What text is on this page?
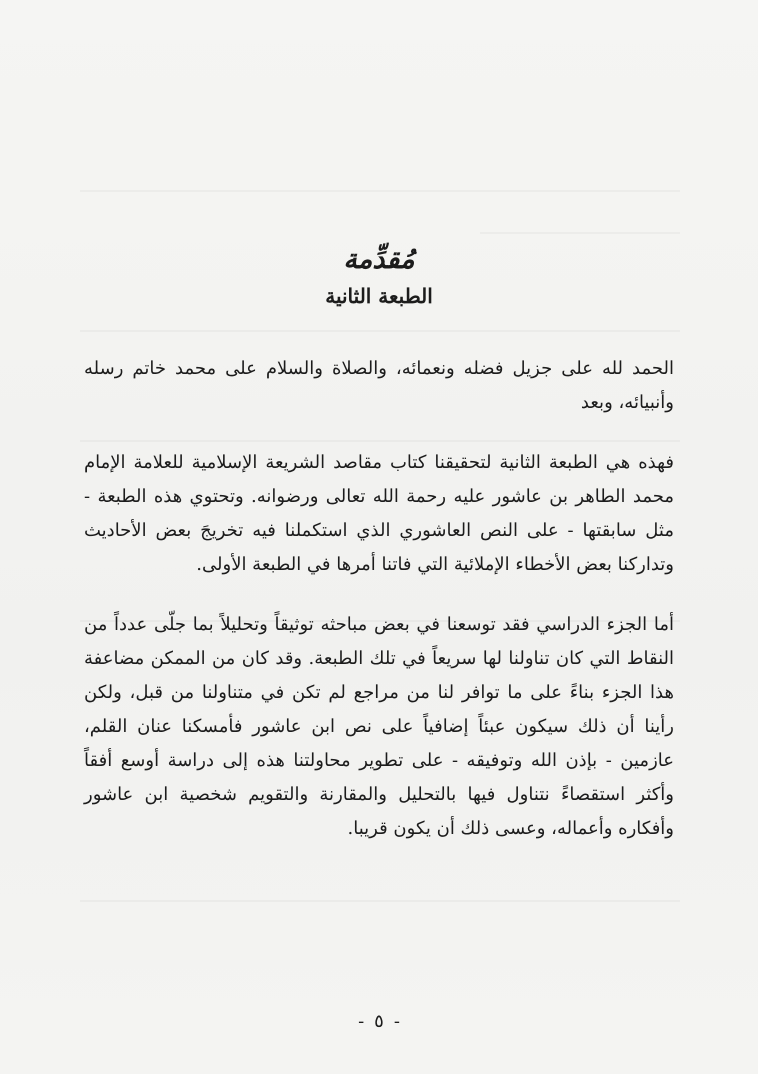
مُقدِّمة
الطبعة الثانية

الحمد لله على جزيل فضله ونعمائه، والصلاة والسلام على محمد خاتم رسله وأنبيائه، وبعد

فهذه هي الطبعة الثانية لتحقيقنا كتاب مقاصد الشريعة الإسلامية للعلامة الإمام محمد الطاهر بن عاشور عليه رحمة الله تعالى ورضوانه. وتحتوي هذه الطبعة - مثل سابقتها - على النص العاشوري الذي استكملنا فيه تخريجَ بعض الأحاديث وتداركنا بعض الأخطاء الإملائية التي فاتنا أمرها في الطبعة الأولى.

أما الجزء الدراسي فقد توسعنا في بعض مباحثه توثيقاً وتحليلاً بما جلّى عدداً من النقاط التي كان تناولنا لها سريعاً في تلك الطبعة. وقد كان من الممكن مضاعفة هذا الجزء بناءً على ما توافر لنا من مراجع لم تكن في متناولنا من قبل، ولكن رأينا أن ذلك سيكون عبئاً إضافياً على نص ابن عاشور فأمسكنا عنان القلم، عازمين - بإذن الله وتوفيقه - على تطوير محاولتنا هذه إلى دراسة أوسع أفقاً وأكثر استقصاءً نتناول فيها بالتحليل والمقارنة والتقويم شخصية ابن عاشور وأفكاره وأعماله، وعسى ذلك أن يكون قريبا.

-٥-
